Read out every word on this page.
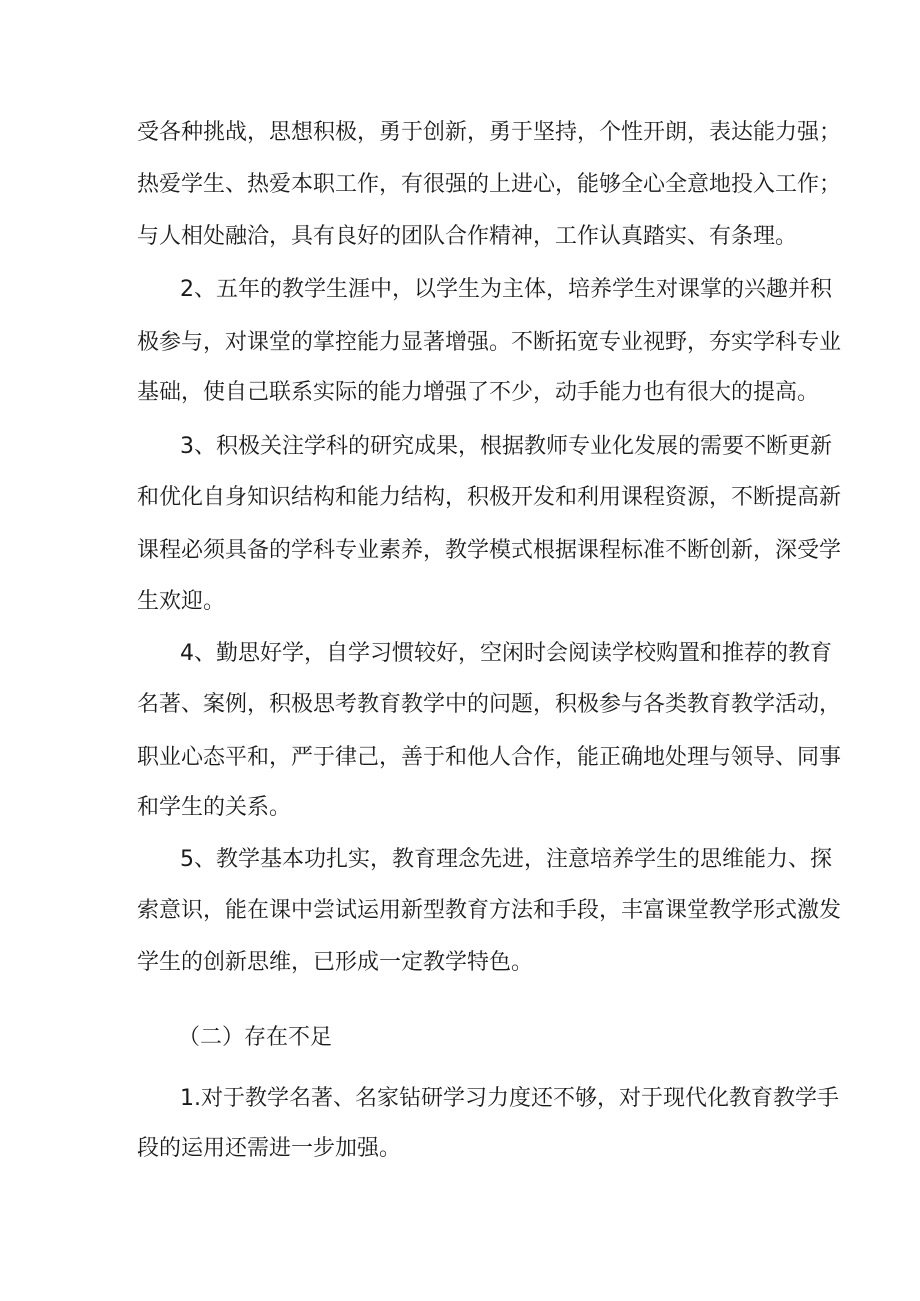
受各种挑战，思想积极，勇于创新，勇于坚持，个性开朗，表达能力强；
热爱学生、热爱本职工作，有很强的上进心，能够全心全意地投入工作；
与人相处融洽，具有良好的团队合作精神，工作认真踏实、有条理。
2、五年的教学生涯中，以学生为主体，培养学生对课掌的兴趣并积
极参与，对课堂的掌控能力显著增强。不断拓宽专业视野，夯实学科专业
基础，使自己联系实际的能力增强了不少，动手能力也有很大的提高。
3、积极关注学科的研究成果，根据教师专业化发展的需要不断更新
和优化自身知识结构和能力结构，积极开发和利用课程资源，不断提高新
课程必须具备的学科专业素养，教学模式根据课程标准不断创新，深受学
生欢迎。
4、勤思好学，自学习惯较好，空闲时会阅读学校购置和推荐的教育
名著、案例，积极思考教育教学中的问题，积极参与各类教育教学活动，
职业心态平和，严于律己，善于和他人合作，能正确地处理与领导、同事
和学生的关系。
5、教学基本功扎实，教育理念先进，注意培养学生的思维能力、探
索意识，能在课中尝试运用新型教育方法和手段，丰富课堂教学形式激发
学生的创新思维，已形成一定教学特色。
（二）存在不足
1.对于教学名著、名家钻研学习力度还不够，对于现代化教育教学手
段的运用还需进一步加强。
